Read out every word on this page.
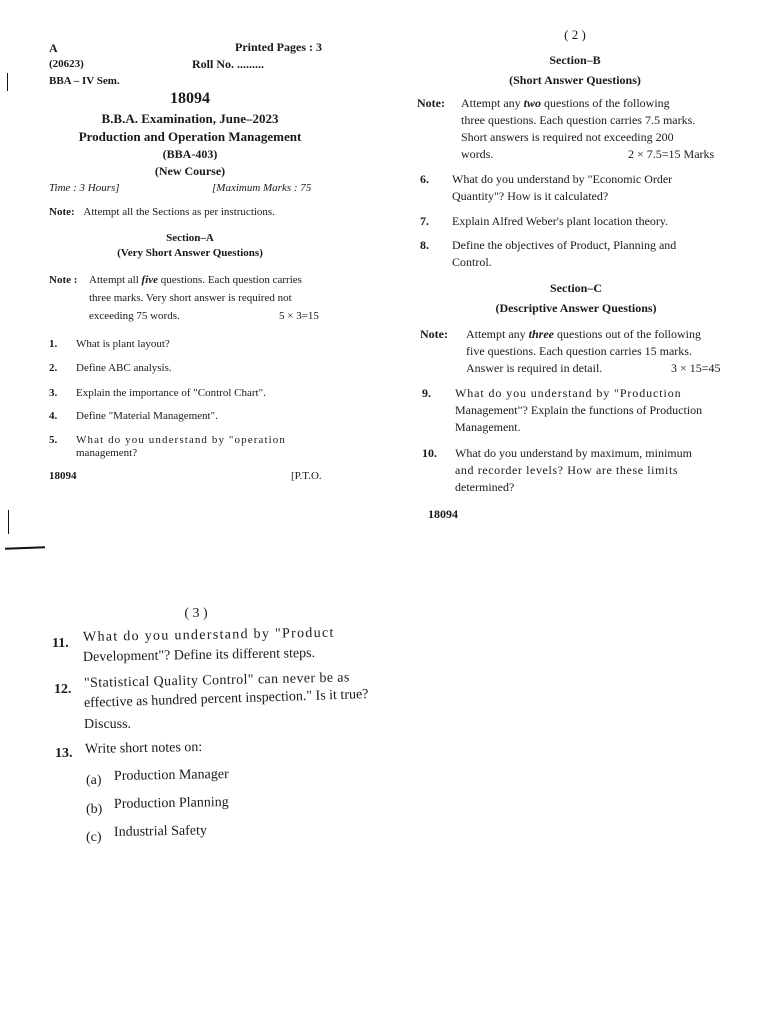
A	Printed Pages : 3
(20623)	Roll No. .........
BBA – IV Sem.
18094
B.B.A. Examination, June–2023
Production and Operation Management
(BBA-403)
(New Course)
Time : 3 Hours]	[Maximum Marks : 75
Note: Attempt all the Sections as per instructions.
Section–A
(Very Short Answer Questions)
Note : Attempt all five questions. Each question carries
three marks. Very short answer is required not
exceeding 75 words.	5 × 3=15
1. What is plant layout?
2. Define ABC analysis.
3. Explain the importance of "Control Chart".
4. Define "Material Management".
5. What do you understand by "operation
management?
18094	[P.T.O.
( 2 )
Section–B
(Short Answer Questions)
Note: Attempt any two questions of the following
three questions. Each question carries 7.5 marks.
Short answers is required not exceeding 200
words.	2 × 7.5=15 Marks
6. What do you understand by "Economic Order
Quantity"? How is it calculated?
7. Explain Alfred Weber's plant location theory.
8. Define the objectives of Product, Planning and
Control.
Section–C
(Descriptive Answer Questions)
Note: Attempt any three questions out of the following
five questions. Each question carries 15 marks.
Answer is required in detail.	3 × 15=45
9. What do you understand by "Production
Management"? Explain the functions of Production
Management.
10. What do you understand by maximum, minimum
and recorder levels? How are these limits
determined?
18094
( 3 )
11. What do you understand by "Product
Development"? Define its different steps.
12. "Statistical Quality Control" can never be as
effective as hundred percent inspection." Is it true?
Discuss.
13. Write short notes on:
(a) Production Manager
(b) Production Planning
(c) Industrial Safety
